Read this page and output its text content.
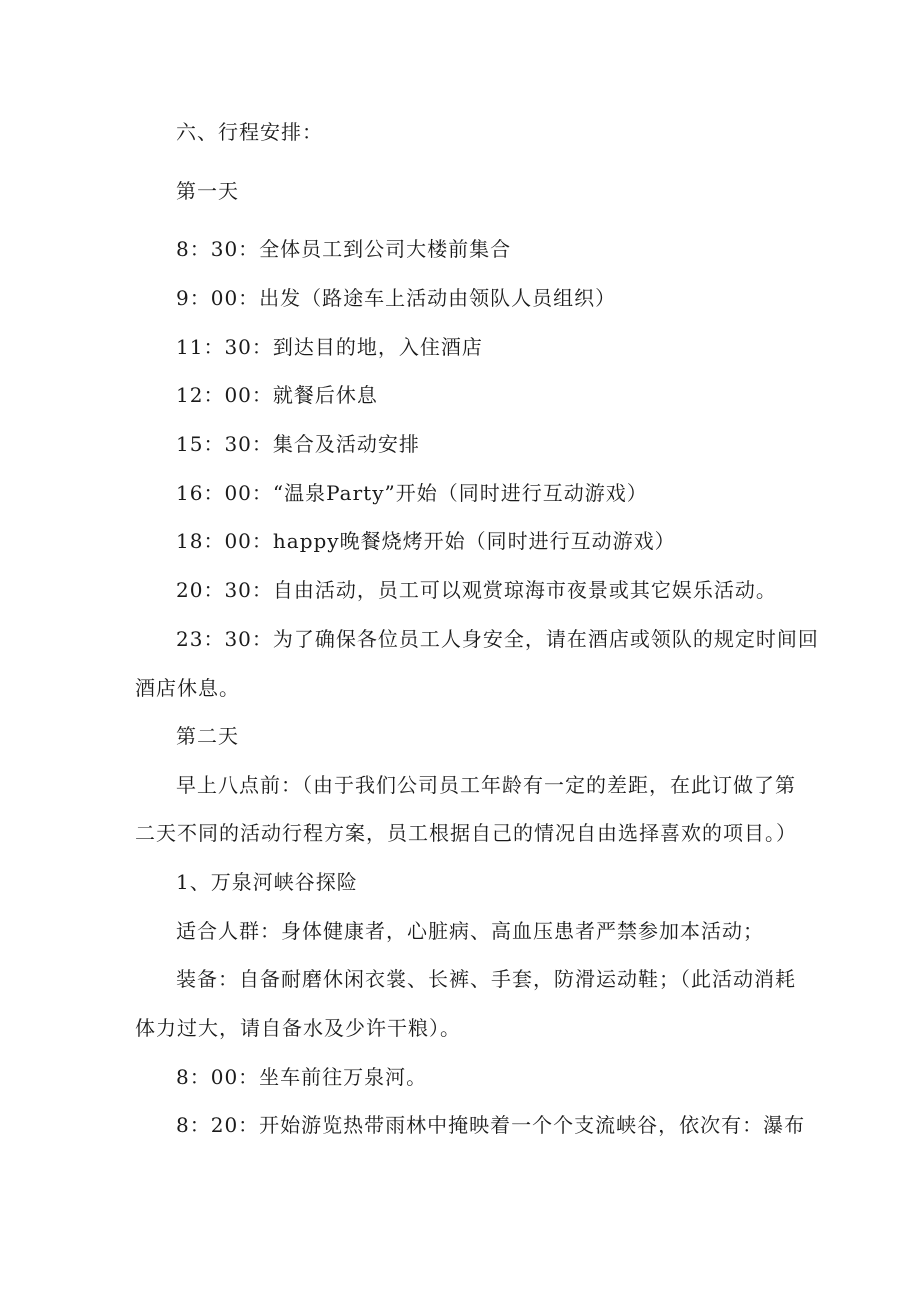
六、行程安排：
第一天
8：30：全体员工到公司大楼前集合
9：00：出发（路途车上活动由领队人员组织）
11：30：到达目的地，入住酒店
12：00：就餐后休息
15：30：集合及活动安排
16：00：“温泉Party”开始（同时进行互动游戏）
18：00：happy晚餐烧烤开始（同时进行互动游戏）
20：30：自由活动，员工可以观赏琼海市夜景或其它娱乐活动。
23：30：为了确保各位员工人身安全，请在酒店或领队的规定时间回
酒店休息。
第二天
早上八点前：（由于我们公司员工年龄有一定的差距，在此订做了第
二天不同的活动行程方案，员工根据自己的情况自由选择喜欢的项目。）
1、万泉河峡谷探险
适合人群：身体健康者，心脏病、高血压患者严禁参加本活动；
装备：自备耐磨休闲衣裳、长裤、手套，防滑运动鞋；（此活动消耗
体力过大，请自备水及少许干粮）。
8：00：坐车前往万泉河。
8：20：开始游览热带雨林中掩映着一个个支流峡谷，依次有：瀑布
